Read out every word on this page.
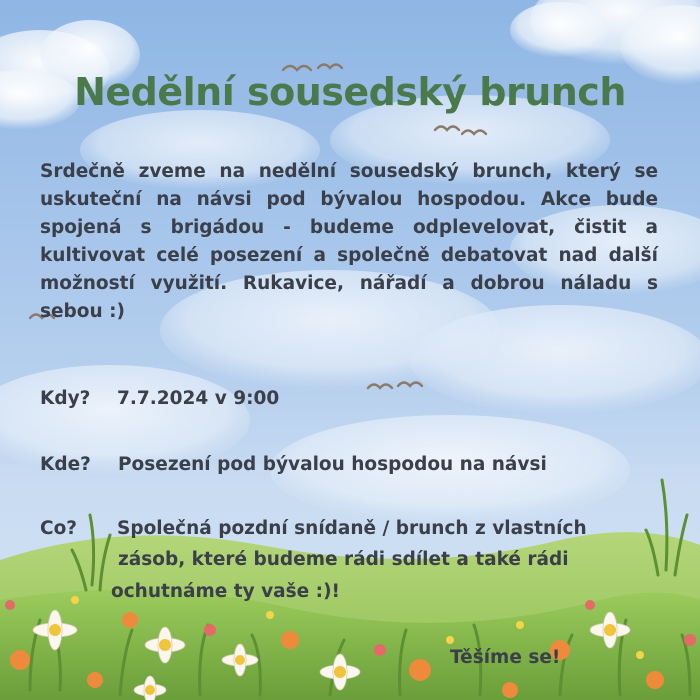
Nedělní sousedský brunch

Srdečně zveme na nedělní sousedský brunch, který se uskuteční na návsi pod bývalou hospodou. Akce bude spojená s brigádou - budeme odplevelovat, čistit a kultivovat celé posezení a společně debatovat nad další možností využití. Rukavice, nářadí a dobrou náladu s sebou :)

Kdy? 7.7.2024 v 9:00
Kde? Posezení pod bývalou hospodou na návsi
Co? Společná pozdní snídaně / brunch z vlastních
zásob, které budeme rádi sdílet a také rádi
ochutnáme ty vaše :)!
Těšíme se!
